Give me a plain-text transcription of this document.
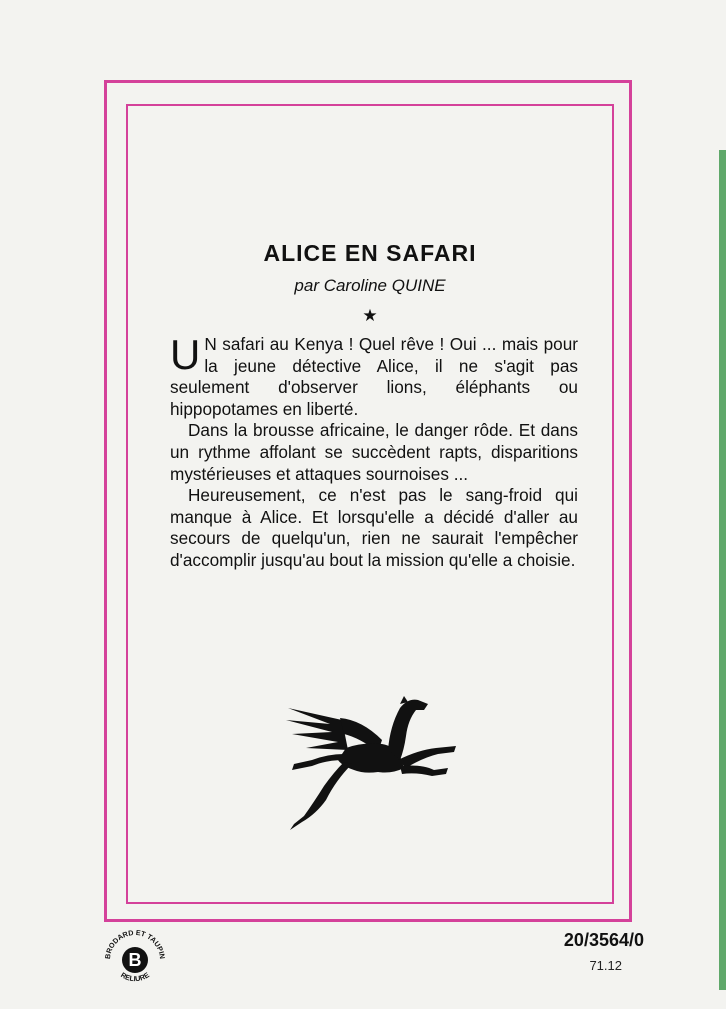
ALICE EN SAFARI
par Caroline QUINE
★

U N safari au Kenya ! Quel rêve ! Oui ... mais pour la jeune détective Alice, il ne s'agit pas seulement d'observer lions, éléphants ou hippopotames en liberté.

Dans la brousse africaine, le danger rôde. Et dans un rythme affolant se succèdent rapts, disparitions mystérieuses et attaques sournoises ...

Heureusement, ce n'est pas le sang-froid qui manque à Alice. Et lorsqu'elle a décidé d'aller au secours de quelqu'un, rien ne saurait l'empêcher d'accomplir jusqu'au bout la mission qu'elle a choisie.

BRODARD ET TAUPIN
RELIURE
B
20/3564/0
71.12
